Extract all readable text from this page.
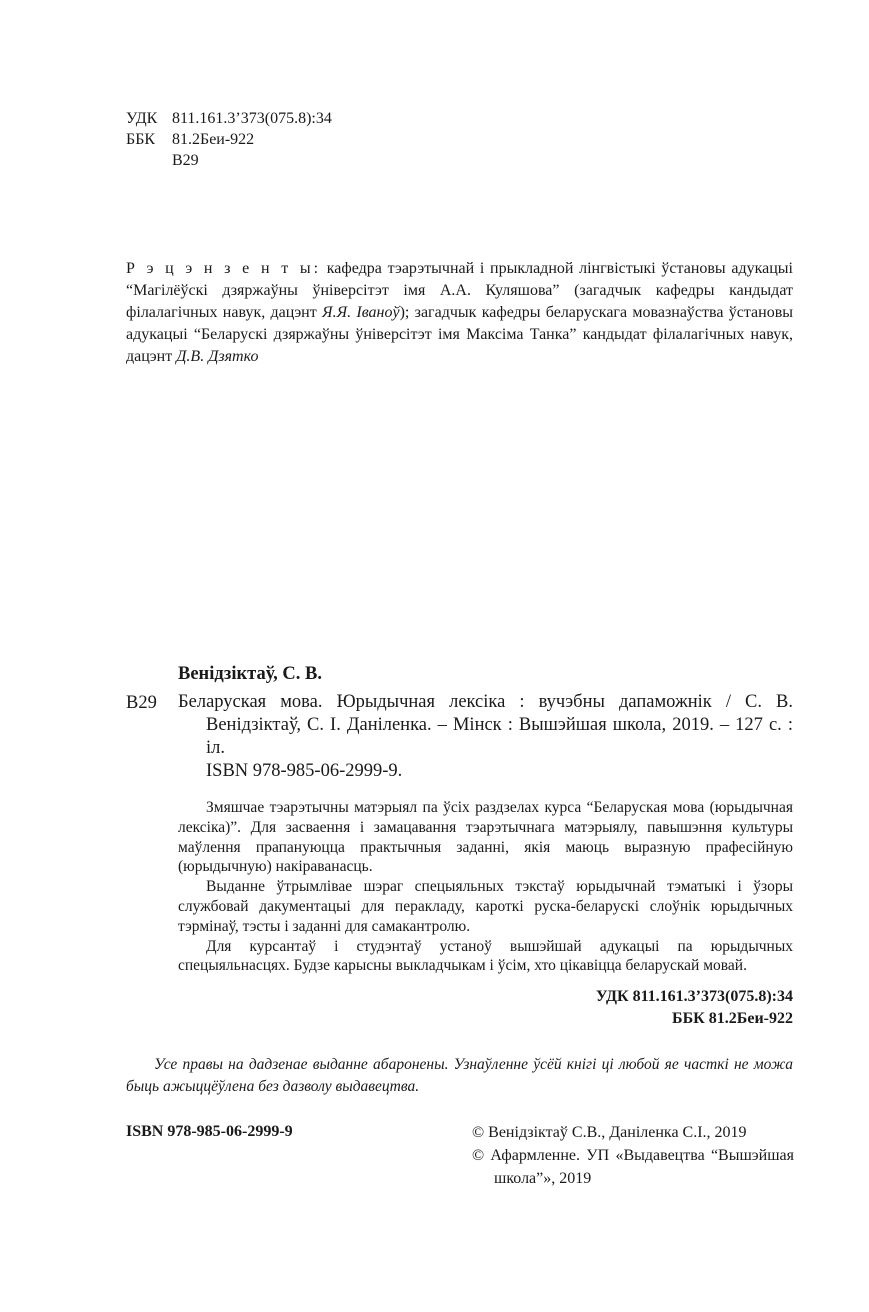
УДК 811.161.3’373(075.8):34
ББК 81.2Беи-922
В29
Р э ц э н з е н т ы: кафедра тэарэтычнай і прыкладной лінгвістыкі ўстановы адукацыі “Магілёўскі дзяржаўны ўніверсітэт імя А.А. Куляшова” (загадчык кафедры кандыдат філалагічных навук, дацэнт Я.Я. Іваноў); загадчык кафедры беларускага мовазнаўства ўстановы адукацыі “Беларускі дзяржаўны ўніверсітэт імя Максіма Танка” кандыдат філалагічных навук, дацэнт Д.В. Дзятко
Венідзіктаў, С. В.
В29 Беларуская мова. Юрыдычная лексіка : вучэбны дапаможнік / С. В. Венідзіктаў, С. І. Даніленка. – Мінск : Вышэйшая школа, 2019. – 127 с. : іл.

ISBN 978-985-06-2999-9.

Змяшчае тэарэтычны матэрыял па ўсіх раздзелах курса “Беларуская мова (юрыдычная лексіка)”. Для засваення і замацавання тэарэтычнага матэрыялу, павышэння культуры маўлення прапануюцца практычныя заданні, якія маюць выразную прафесійную (юрыдычную) накіраванасць.

Выданне ўтрымлівае шэраг спецыяльных тэкстаў юрыдычнай тэматыкі і ўзоры службовай дакументацыі для перакладу, кароткі руска-беларускі слоўнік юрыдычных тэрмінаў, тэсты і заданні для самакантролю.

Для курсантаў і студэнтаў устаноў вышэйшай адукацыі па юрыдычных спецыяльнасцях. Будзе карысны выкладчыкам і ўсім, хто цікавіцца беларускай мовай.

УДК 811.161.3’373(075.8):34
ББК 81.2Беи-922

Усе правы на дадзенае выданне абаронены. Узнаўленне ўсёй кнігі ці любой яе часткі не можа быць ажыццёўлена без дазволу выдавецтва.

ISBN 978-985-06-2999-9	© Венідзіктаў С.В., Даніленка С.І., 2019

© Афармленне. УП «Выдавецтва “Вышэйшая школа”», 2019
